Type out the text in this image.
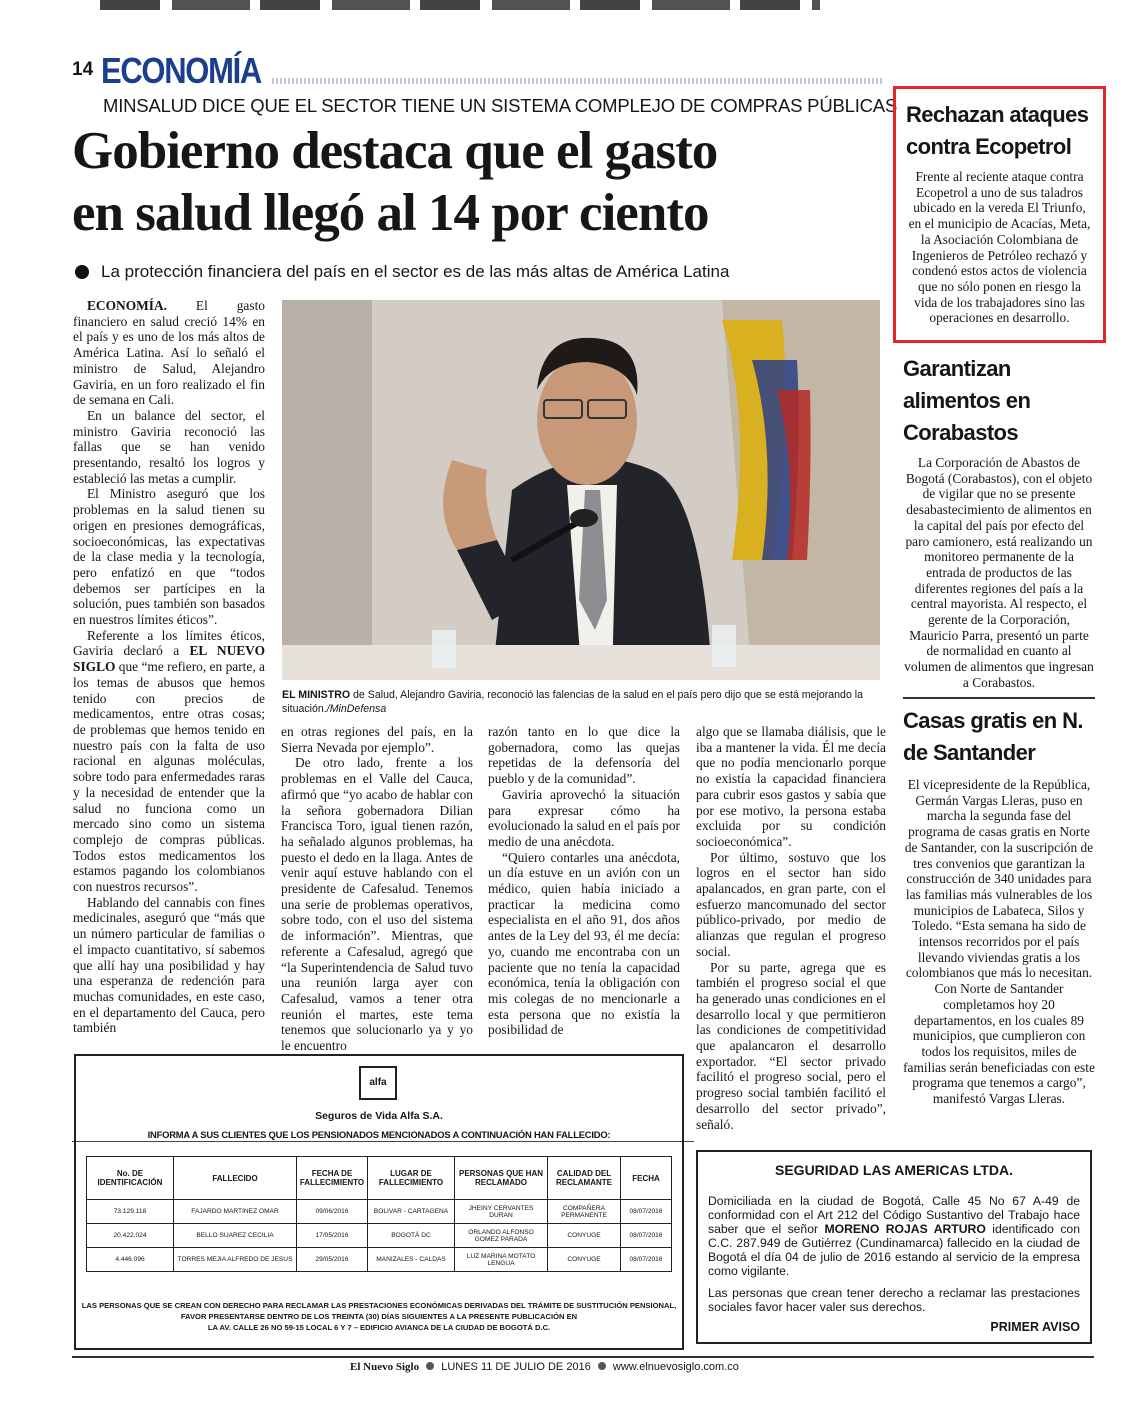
14 ECONOMÍA
MINSALUD DICE QUE EL SECTOR TIENE UN SISTEMA COMPLEJO DE COMPRAS PÚBLICAS
Gobierno destaca que el gasto
en salud llegó al 14 por ciento
La protección financiera del país en el sector es de las más altas de América Latina
EL MINISTRO de Salud, Alejandro Gaviria, reconoció las falencias de la salud en el país pero dijo que se está mejorando la situación./MinDefensa

ECONOMÍA. El gasto financiero en salud creció 14% en el país y es uno de los más altos de América Latina. Así lo señaló el ministro de Salud, Alejandro Gaviria, en un foro realizado el fin de semana en Cali.

En un balance del sector, el ministro Gaviria reconoció las fallas que se han venido presentando, resaltó los logros y estableció las metas a cumplir.

El Ministro aseguró que los problemas en la salud tienen su origen en presiones demográficas, socioeconómicas, las expectativas de la clase media y la tecnología, pero enfatizó en que “todos debemos ser partícipes en la solución, pues también son basados en nuestros límites éticos”.

Referente a los límites éticos, Gaviria declaró a EL NUEVO SIGLO que “me refiero, en parte, a los temas de abusos que hemos tenido con precios de medicamentos, entre otras cosas; de problemas que hemos tenido en nuestro país con la falta de uso racional en algunas moléculas, sobre todo para enfermedades raras y la necesidad de entender que la salud no funciona como un mercado sino como un sistema complejo de compras públicas. Todos estos medicamentos los estamos pagando los colombianos con nuestros recursos”.

Hablando del cannabis con fines medicinales, aseguró que “más que un número particular de familias o el impacto cuantitativo, sí sabemos que allí hay una posibilidad y hay una esperanza de redención para muchas comunidades, en este caso, en el departamento del Cauca, pero también

en otras regiones del país, en la Sierra Nevada por ejemplo”.

De otro lado, frente a los problemas en el Valle del Cauca, afirmó que “yo acabo de hablar con la señora gobernadora Dilian Francisca Toro, igual tienen razón, ha señalado algunos problemas, ha puesto el dedo en la llaga. Antes de venir aquí estuve hablando con el presidente de Cafesalud. Tenemos una serie de problemas operativos, sobre todo, con el uso del sistema de información”. Mientras, que referente a Cafesalud, agregó que “la Superintendencia de Salud tuvo una reunión larga ayer con Cafesalud, vamos a tener otra reunión el martes, este tema tenemos que solucionarlo ya y yo le encuentro

razón tanto en lo que dice la gobernadora, como las quejas repetidas de la defensoría del pueblo y de la comunidad”.

Gaviria aprovechó la situación para expresar cómo ha evolucionado la salud en el país por medio de una anécdota.

“Quiero contarles una anécdota, un día estuve en un avión con un médico, quien había iniciado a practicar la medicina como especialista en el año 91, dos años antes de la Ley del 93, él me decía: yo, cuando me encontraba con un paciente que no tenía la capacidad económica, tenía la obligación con mis colegas de no mencionarle a esta persona que no existía la posibilidad de

algo que se llamaba diálisis, que le iba a mantener la vida. Él me decía que no podía mencionarlo porque no existía la capacidad financiera para cubrir esos gastos y sabía que por ese motivo, la persona estaba excluida por su condición socioeconómica”.

Por último, sostuvo que los logros en el sector han sido apalancados, en gran parte, con el esfuerzo mancomunado del sector público-privado, por medio de alianzas que regulan el progreso social.

Por su parte, agrega que es también el progreso social el que ha generado unas condiciones en el desarrollo local y que permitieron las condiciones de competitividad que apalancaron el desarrollo exportador. “El sector privado facilitó el progreso social, pero el progreso social también facilitó el desarrollo del sector privado”, señaló.

Rechazan ataques
contra Ecopetrol

Frente al reciente ataque contra Ecopetrol a uno de sus taladros ubicado en la vereda El Triunfo, en el municipio de Acacías, Meta, la Asociación Colombiana de Ingenieros de Petróleo rechazó y condenó estos actos de violencia que no sólo ponen en riesgo la vida de los trabajadores sino las operaciones en desarrollo.

Garantizan
alimentos en
Corabastos

La Corporación de Abastos de Bogotá (Corabastos), con el objeto de vigilar que no se presente desabastecimiento de alimentos en la capital del país por efecto del paro camionero, está realizando un monitoreo permanente de la entrada de productos de las diferentes regiones del país a la central mayorista. Al respecto, el gerente de la Corporación, Mauricio Parra, presentó un parte de normalidad en cuanto al volumen de alimentos que ingresan a Corabastos.

Casas gratis en N.
de Santander

El vicepresidente de la República, Germán Vargas Lleras, puso en marcha la segunda fase del programa de casas gratis en Norte de Santander, con la suscripción de tres convenios que garantizan la construcción de 340 unidades para las familias más vulnerables de los municipios de Labateca, Silos y Toledo. “Esta semana ha sido de intensos recorridos por el país llevando viviendas gratis a los colombianos que más lo necesitan. Con Norte de Santander completamos hoy 20 departamentos, en los cuales 89 municipios, que cumplieron con todos los requisitos, miles de familias serán beneficiadas con este programa que tenemos a cargo”, manifestó Vargas Lleras.

alfa
Seguros de Vida Alfa S.A.
INFORMA A SUS CLIENTES QUE LOS PENSIONADOS MENCIONADOS A CONTINUACIÓN HAN FALLECIDO:
No. DE IDENTIFICACIÓN	FALLECIDO	FECHA DE FALLECIMIENTO	LUGAR DE FALLECIMIENTO	PERSONAS QUE HAN RECLAMADO	CALIDAD DEL RECLAMANTE	FECHA
73.129.118	FAJARDO MARTINEZ OMAR	09/06/2016	BOLIVAR - CARTAGENA	JHEINY CERVANTES DURAN	COMPAÑERA PERMANENTE	08/07/2016
20.422.024	BELLO SUAREZ CECILIA	17/05/2016	BOGOTÁ DC	ORLANDO ALFONSO GOMEZ PARADA	CONYUGE	08/07/2016
4.446.096	TORRES MEJIA ALFREDO DE JESUS	29/05/2016	MANIZALES - CALDAS	LUZ MARINA MOTATO LENGUA	CONYUGE	08/07/2016
LAS PERSONAS QUE SE CREAN CON DERECHO PARA RECLAMAR LAS PRESTACIONES ECONÓMICAS DERIVADAS DEL TRÁMITE DE SUSTITUCIÓN PENSIONAL,
FAVOR PRESENTARSE DENTRO DE LOS TREINTA (30) DÍAS SIGUIENTES A LA PRESENTE PUBLICACIÓN EN
LA AV. CALLE 26 NO 59-15 LOCAL 6 Y 7 – EDIFICIO AVIANCA DE LA CIUDAD DE BOGOTÁ D.C.
SEGURIDAD LAS AMERICAS LTDA.
Domiciliada en la ciudad de Bogotá, Calle 45 No 67 A-49 de conformidad con el Art 212 del Código Sustantivo del Trabajo hace saber que el señor MORENO ROJAS ARTURO identificado con C.C. 287.949 de Gutiérrez (Cundinamarca) fallecido en la ciudad de Bogotá el día 04 de julio de 2016 estando al servicio de la empresa como vigilante.
Las personas que crean tener derecho a reclamar las prestaciones sociales favor hacer valer sus derechos.
PRIMER AVISO
El Nuevo Siglo LUNES 11 DE JULIO DE 2016 www.elnuevosiglo.com.co
